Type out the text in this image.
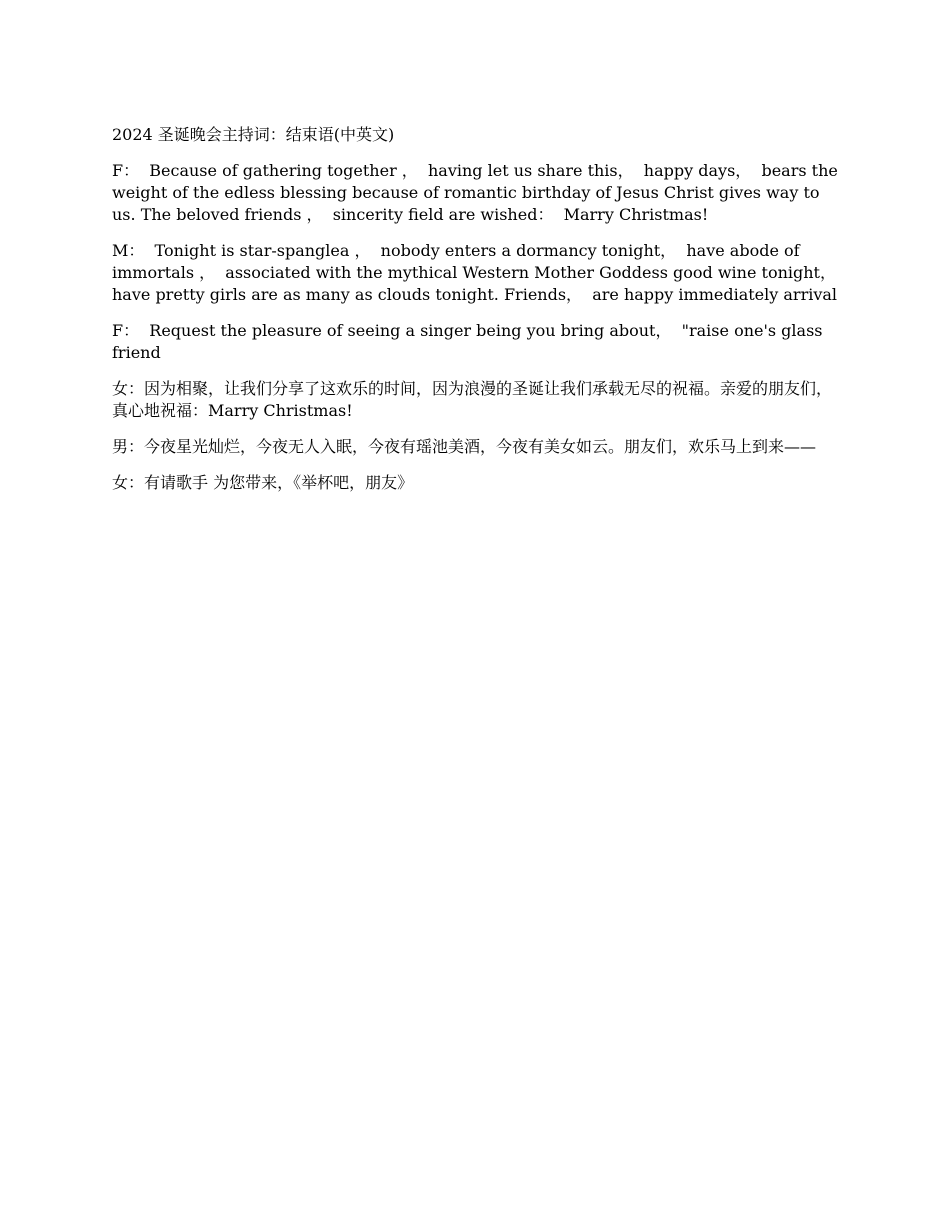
2024 圣诞晚会主持词：结束语(中英文)

F：  Because of gathering together ，  having let us share this，  happy days，  bears the weight of the edless blessing because of romantic birthday of Jesus Christ gives way to us. The beloved friends ，  sincerity field are wished：  Marry Christmas!

M：  Tonight is star-spanglea ，  nobody enters a dormancy tonight，  have abode of immortals ，  associated with the mythical Western Mother Goddess good wine tonight，have pretty girls are as many as clouds tonight. Friends，  are happy immediately arrival

F：  Request the pleasure of seeing a singer being you bring about，  "raise one's glass friend

女：因为相聚，让我们分享了这欢乐的时间，因为浪漫的圣诞让我们承载无尽的祝福。亲爱的朋友们，真心地祝福：Marry Christmas!

男：今夜星光灿烂，今夜无人入眠，今夜有瑶池美酒，今夜有美女如云。朋友们，欢乐马上到来——

女：有请歌手 为您带来，《举杯吧，朋友》
